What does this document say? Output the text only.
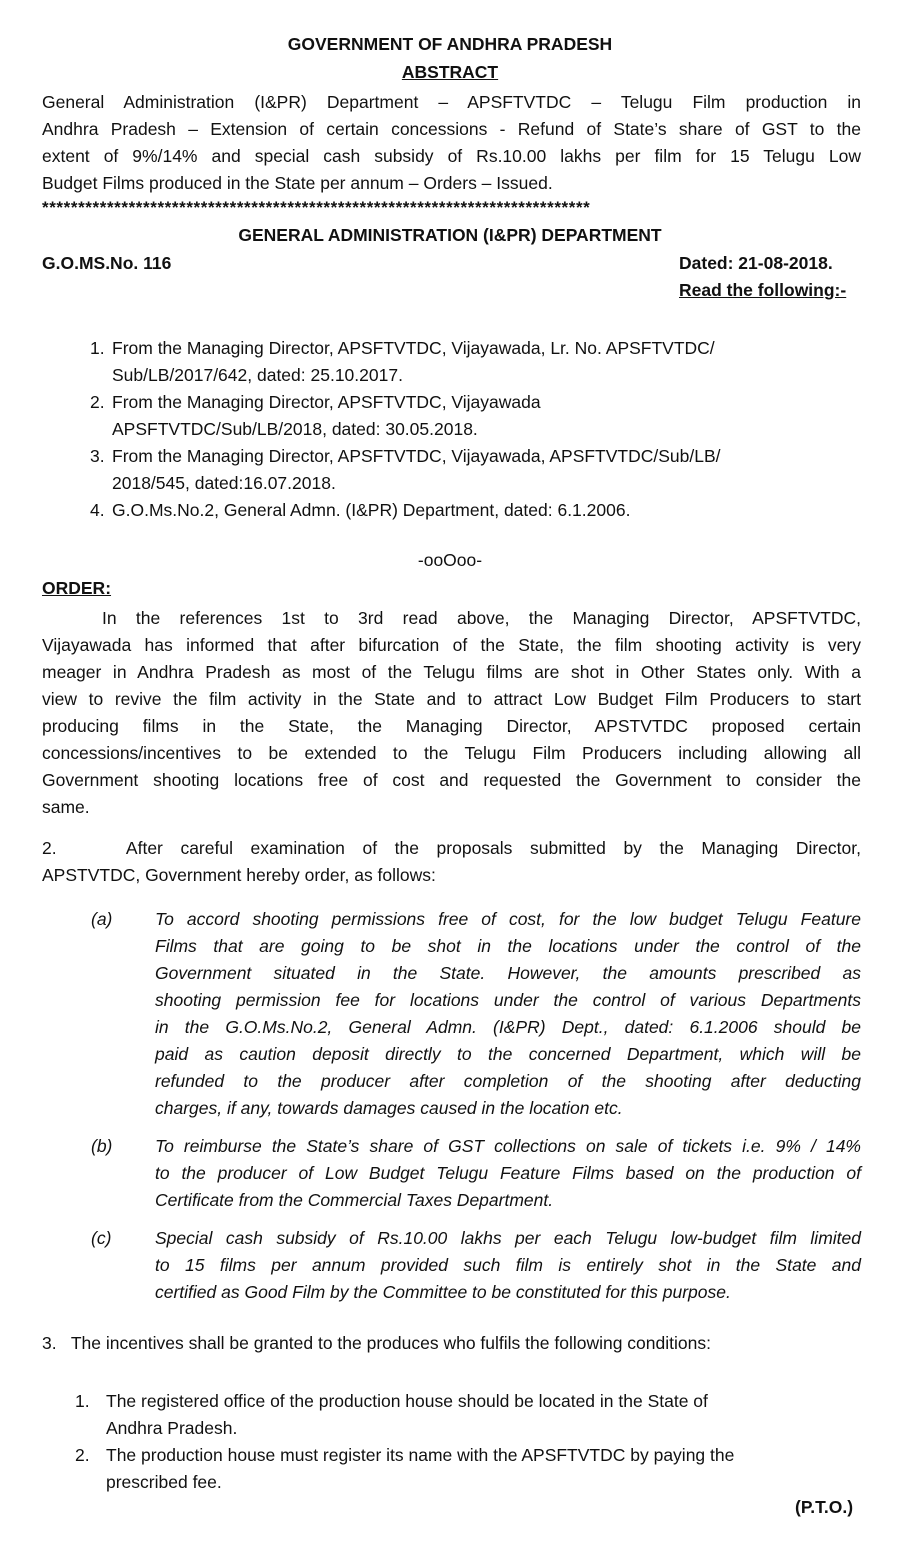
GOVERNMENT OF ANDHRA PRADESH
ABSTRACT
General Administration (I&PR) Department – APSFTVTDC – Telugu Film production in
Andhra Pradesh – Extension of certain concessions - Refund of State’s share of GST to the
extent of 9%/14% and special cash subsidy of Rs.10.00 lakhs per film for 15 Telugu Low
Budget Films produced in the State per annum – Orders – Issued.
****************************************************************************
GENERAL ADMINISTRATION (I&PR) DEPARTMENT
G.O.MS.No. 116	Dated: 21-08-2018.
Read the following:-
1. From the Managing Director, APSFTVTDC, Vijayawada, Lr. No. APSFTVTDC/
Sub/LB/2017/642, dated: 25.10.2017.
2. From the Managing Director, APSFTVTDC, Vijayawada
APSFTVTDC/Sub/LB/2018, dated: 30.05.2018.
3. From the Managing Director, APSFTVTDC, Vijayawada, APSFTVTDC/Sub/LB/
2018/545, dated:16.07.2018.
4. G.O.Ms.No.2, General Admn. (I&PR) Department, dated: 6.1.2006.
-ooOoo-
ORDER:
In the references 1st to 3rd read above, the Managing Director, APSFTVTDC,
Vijayawada has informed that after bifurcation of the State, the film shooting activity is very
meager in Andhra Pradesh as most of the Telugu films are shot in Other States only. With a
view to revive the film activity in the State and to attract Low Budget Film Producers to start
producing films in the State, the Managing Director, APSTVTDC proposed certain
concessions/incentives to be extended to the Telugu Film Producers including allowing all
Government shooting locations free of cost and requested the Government to consider the
same.
2.    After careful examination of the proposals submitted by the Managing Director,
APSTVTDC, Government hereby order, as follows:
(a) To accord shooting permissions free of cost, for the low budget Telugu Feature
Films that are going to be shot in the locations under the control of the
Government situated in the State. However, the amounts prescribed as
shooting permission fee for locations under the control of various Departments
in the G.O.Ms.No.2, General Admn. (I&PR) Dept., dated: 6.1.2006 should be
paid as caution deposit directly to the concerned Department, which will be
refunded to the producer after completion of the shooting after deducting
charges, if any, towards damages caused in the location etc.
(b) To reimburse the State’s share of GST collections on sale of tickets i.e. 9% / 14%
to the producer of Low Budget Telugu Feature Films based on the production of
Certificate from the Commercial Taxes Department.
(c) Special cash subsidy of Rs.10.00 lakhs per each Telugu low-budget film limited
to 15 films per annum provided such film is entirely shot in the State and
certified as Good Film by the Committee to be constituted for this purpose.
3.   The incentives shall be granted to the produces who fulfils the following conditions:
1. The registered office of the production house should be located in the State of
Andhra Pradesh.
2. The production house must register its name with the APSFTVTDC by paying the
prescribed fee.
(P.T.O.)
